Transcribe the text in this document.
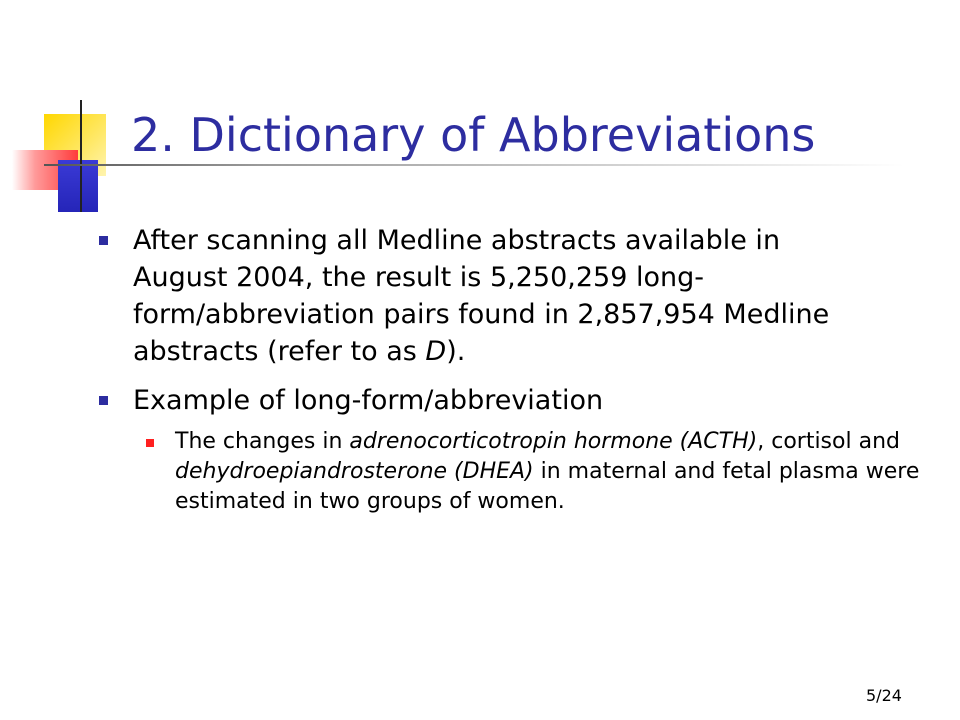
2. Dictionary of Abbreviations

After scanning all Medline abstracts available in August 2004, the result is 5,250,259 long-form/abbreviation pairs found in 2,857,954 Medline abstracts (refer to as D).

Example of long-form/abbreviation

The changes in adrenocorticotropin hormone (ACTH), cortisol and dehydroepiandrosterone (DHEA) in maternal and fetal plasma were estimated in two groups of women.

5/24
